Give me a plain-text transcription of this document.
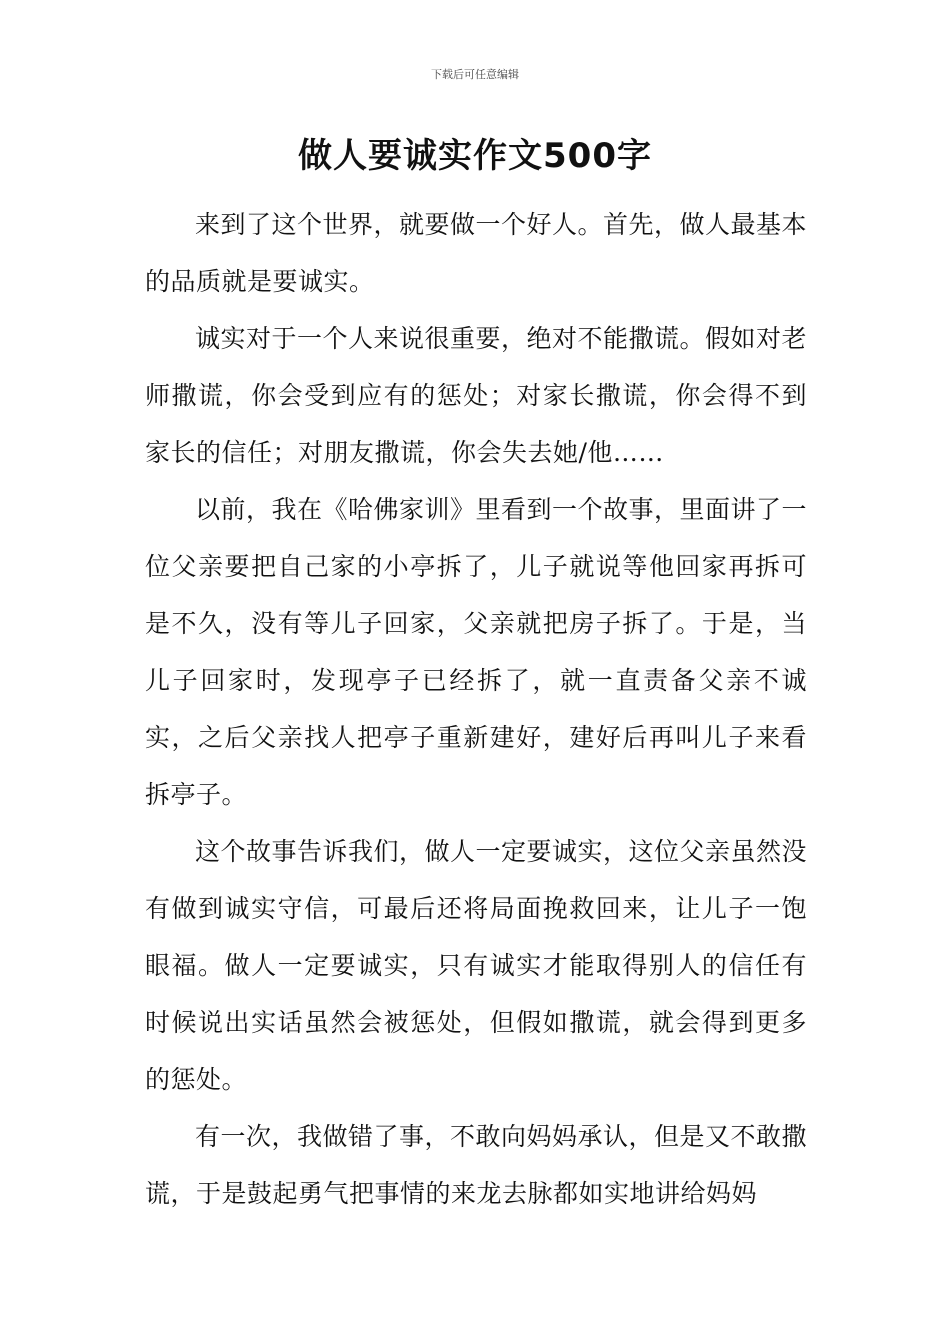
下载后可任意编辑
做人要诚实作文500字

来到了这个世界，就要做一个好人。首先，做人最基本的品质就是要诚实。

诚实对于一个人来说很重要，绝对不能撒谎。假如对老师撒谎，你会受到应有的惩处；对家长撒谎，你会得不到家长的信任；对朋友撒谎，你会失去她/他……

以前，我在《哈佛家训》里看到一个故事，里面讲了一位父亲要把自己家的小亭拆了，儿子就说等他回家再拆可是不久，没有等儿子回家，父亲就把房子拆了。于是，当儿子回家时，发现亭子已经拆了，就一直责备父亲不诚实，之后父亲找人把亭子重新建好，建好后再叫儿子来看拆亭子。

这个故事告诉我们，做人一定要诚实，这位父亲虽然没有做到诚实守信，可最后还将局面挽救回来，让儿子一饱眼福。做人一定要诚实，只有诚实才能取得别人的信任有时候说出实话虽然会被惩处，但假如撒谎，就会得到更多的惩处。

有一次，我做错了事，不敢向妈妈承认，但是又不敢撒谎，于是鼓起勇气把事情的来龙去脉都如实地讲给妈妈
